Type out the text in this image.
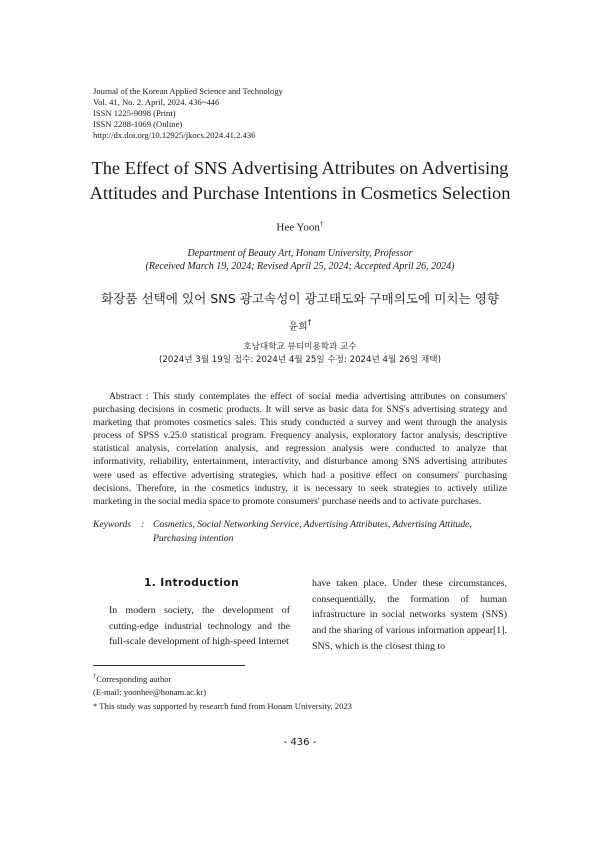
Journal of the Korean Applied Science and Technology
Vol. 41, No. 2. April, 2024. 436~446
ISSN 1225-9098 (Print)
ISSN 2288-1069 (Online)
http://dx.doi.org/10.12925/jkocs.2024.41.2.436
The Effect of SNS Advertising Attributes on Advertising
Attitudes and Purchase Intentions in Cosmetics Selection
Hee Yoon†
Department of Beauty Art, Honam University, Professor
(Received March 19, 2024; Revised April 25, 2024; Accepted April 26, 2024)
화장품 선택에 있어 SNS 광고속성이 광고태도와 구매의도에 미치는 영향
윤희†
호남대학교 뷰티미용학과 교수
(2024년 3월 19일 접수: 2024년 4월 25일 수정: 2024년 4월 26일 채택)
Abstract : This study contemplates the effect of social media advertising attributes on consumers' purchasing decisions in cosmetic products. It will serve as basic data for SNS's advertising strategy and marketing that promotes cosmetics sales. This study conducted a survey and went through the analysis process of SPSS v.25.0 statistical program. Frequency analysis, exploratory factor analysis, descriptive statistical analysis, correlation analysis, and regression analysis were conducted to analyze that informativity, reliability, entertainment, interactivity, and disturbance among SNS advertising attributes were used as effective advertising strategies, which had a positive effect on consumers' purchasing decisions. Therefore, in the cosmetics industry, it is necessary to seek strategies to actively utilize marketing in the social media space to promote consumers' purchase needs and to activate purchases.
Keywords	: Cosmetics, Social Networking Service, Advertising Attributes, Advertising Attitude, Purchasing intention
1. Introduction
In modern society, the development of cutting-edge industrial technology and the full-scale development of high-speed Internet
have taken place. Under these circumstances, consequentially, the formation of human infrastructure in social networks system (SNS) and the sharing of various information appear[1]. SNS, which is the closest thing to
†Corresponding author
(E-mail: yoonhee@honam.ac.kr)
* This study was supported by research fund from Honam University, 2023
- 436 -
